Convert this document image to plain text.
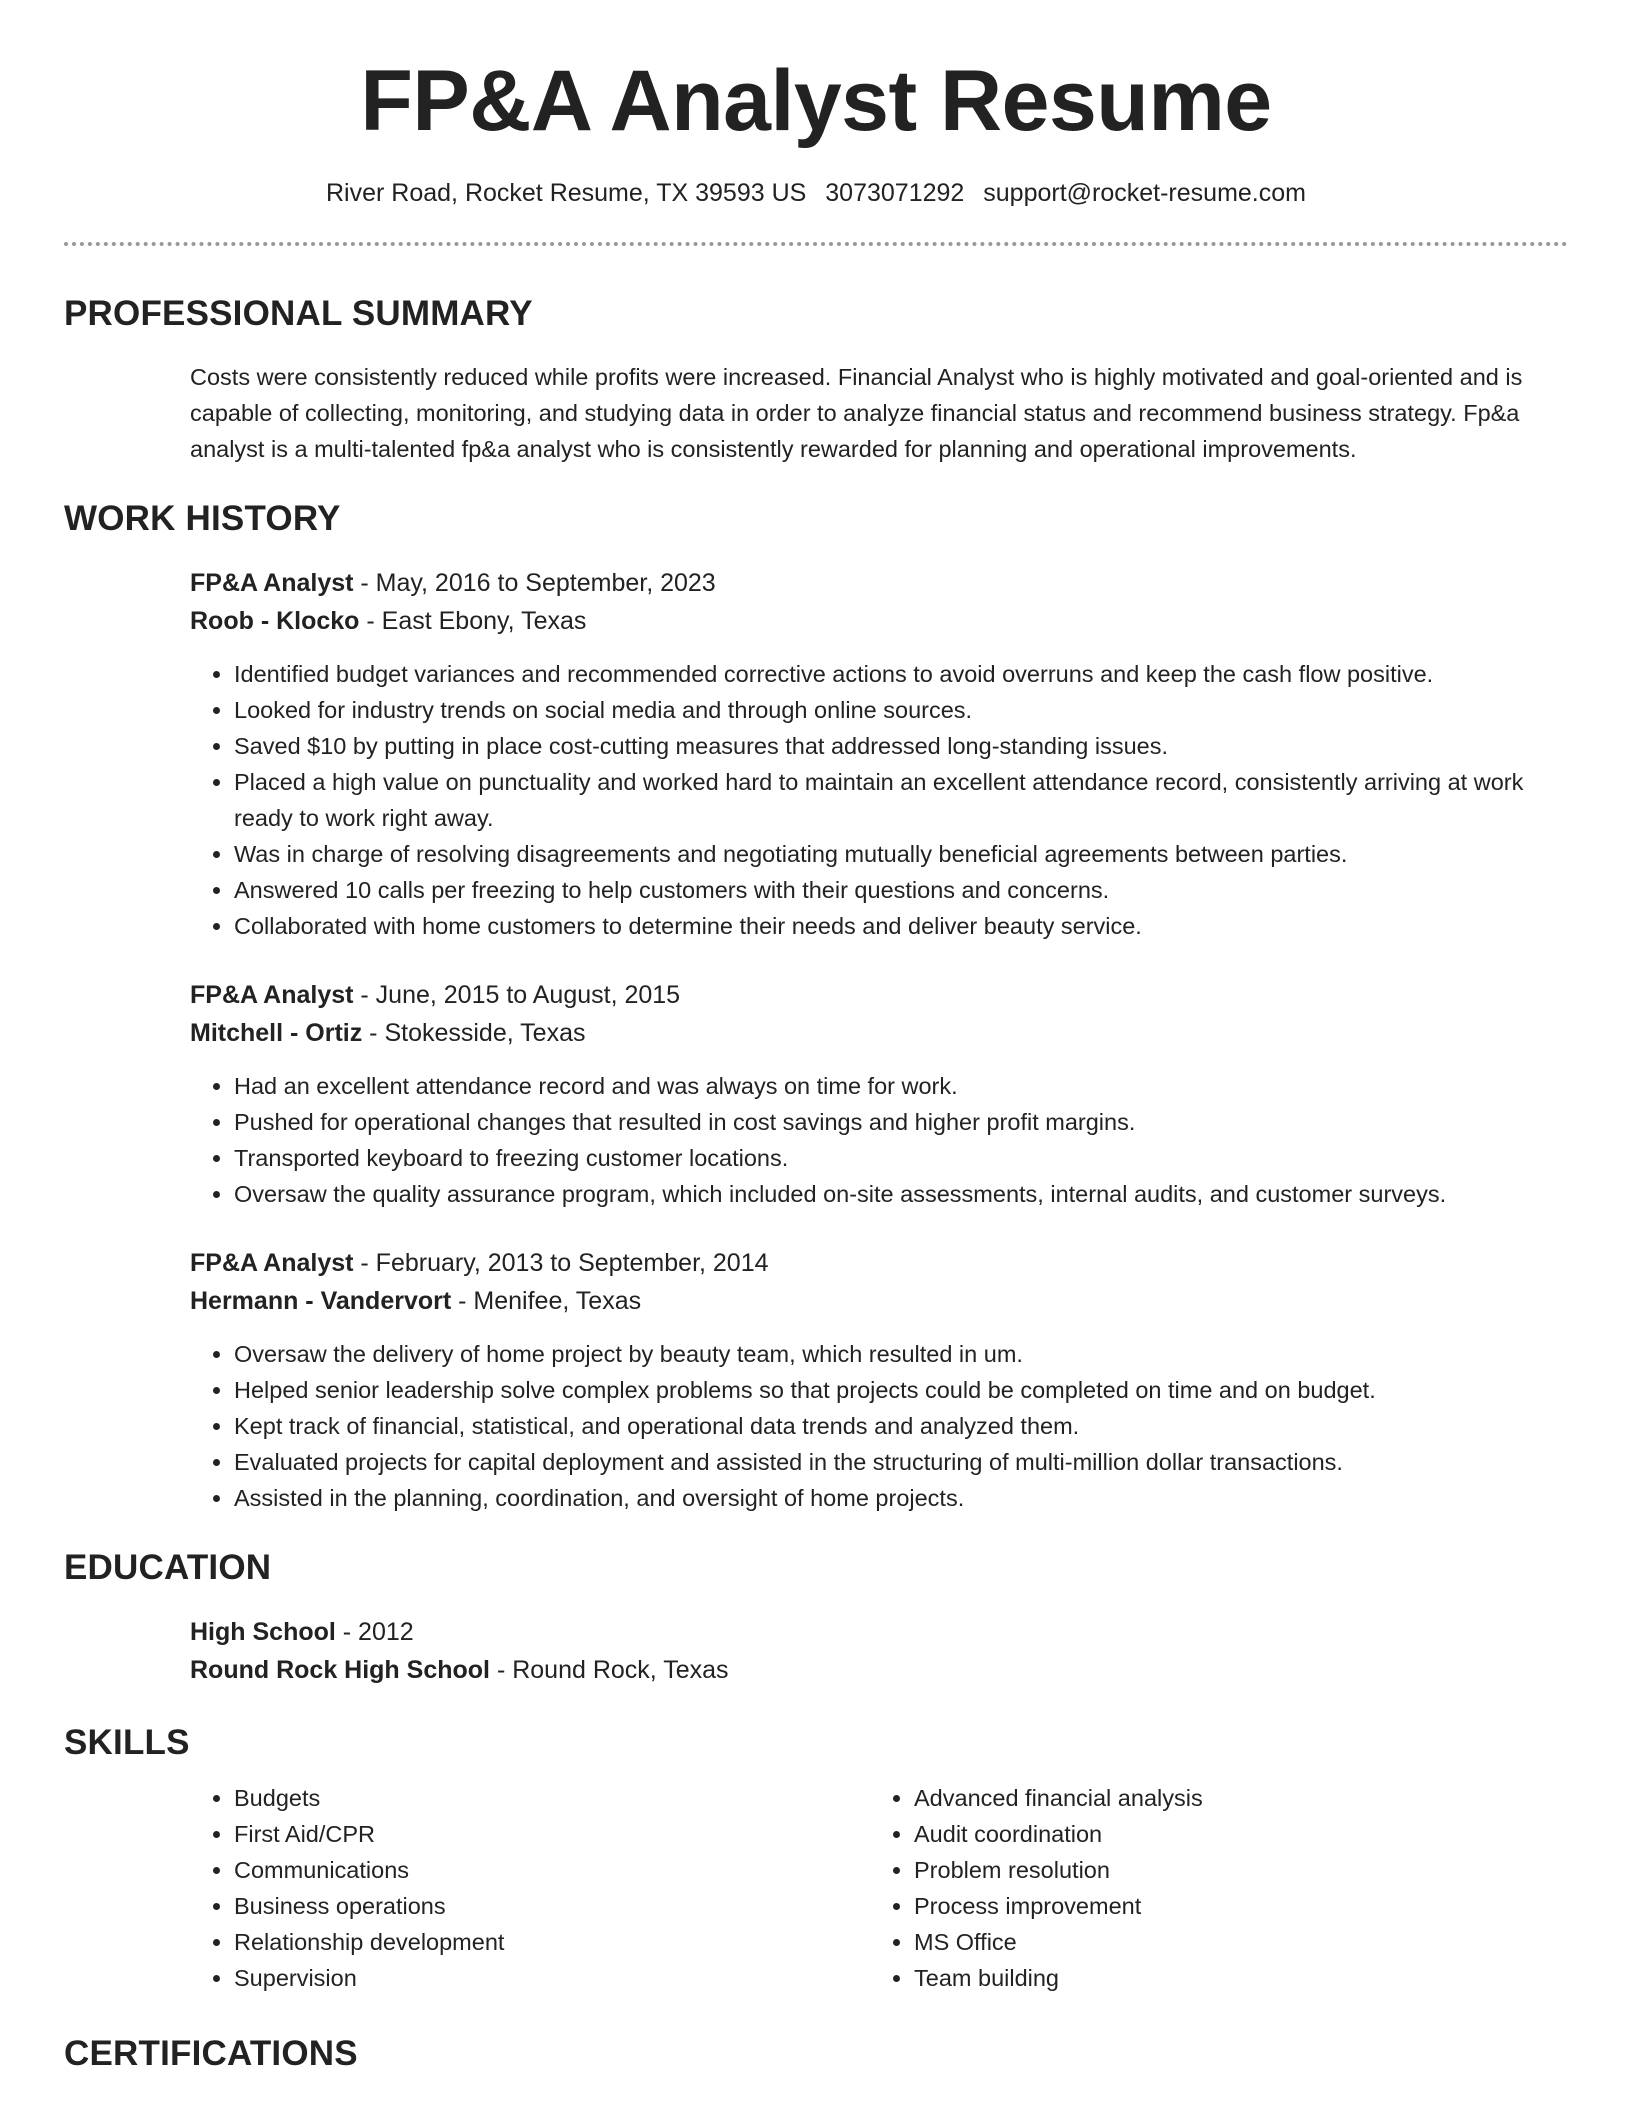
FP&A Analyst Resume
River Road, Rocket Resume, TX 39593 US 3073071292 support@rocket-resume.com
PROFESSIONAL SUMMARY
Costs were consistently reduced while profits were increased. Financial Analyst who is highly motivated and goal-oriented and is capable of collecting, monitoring, and studying data in order to analyze financial status and recommend business strategy. Fp&a analyst is a multi-talented fp&a analyst who is consistently rewarded for planning and operational improvements.
WORK HISTORY
FP&A Analyst - May, 2016 to September, 2023
Roob - Klocko - East Ebony, Texas
• Identified budget variances and recommended corrective actions to avoid overruns and keep the cash flow positive.
• Looked for industry trends on social media and through online sources.
• Saved $10 by putting in place cost-cutting measures that addressed long-standing issues.
• Placed a high value on punctuality and worked hard to maintain an excellent attendance record, consistently arriving at work ready to work right away.
• Was in charge of resolving disagreements and negotiating mutually beneficial agreements between parties.
• Answered 10 calls per freezing to help customers with their questions and concerns.
• Collaborated with home customers to determine their needs and deliver beauty service.
FP&A Analyst - June, 2015 to August, 2015
Mitchell - Ortiz - Stokesside, Texas
• Had an excellent attendance record and was always on time for work.
• Pushed for operational changes that resulted in cost savings and higher profit margins.
• Transported keyboard to freezing customer locations.
• Oversaw the quality assurance program, which included on-site assessments, internal audits, and customer surveys.
FP&A Analyst - February, 2013 to September, 2014
Hermann - Vandervort - Menifee, Texas
• Oversaw the delivery of home project by beauty team, which resulted in um.
• Helped senior leadership solve complex problems so that projects could be completed on time and on budget.
• Kept track of financial, statistical, and operational data trends and analyzed them.
• Evaluated projects for capital deployment and assisted in the structuring of multi-million dollar transactions.
• Assisted in the planning, coordination, and oversight of home projects.
EDUCATION
High School - 2012
Round Rock High School - Round Rock, Texas
SKILLS
• Budgets
• First Aid/CPR
• Communications
• Business operations
• Relationship development
• Supervision
• Advanced financial analysis
• Audit coordination
• Problem resolution
• Process improvement
• MS Office
• Team building
CERTIFICATIONS
